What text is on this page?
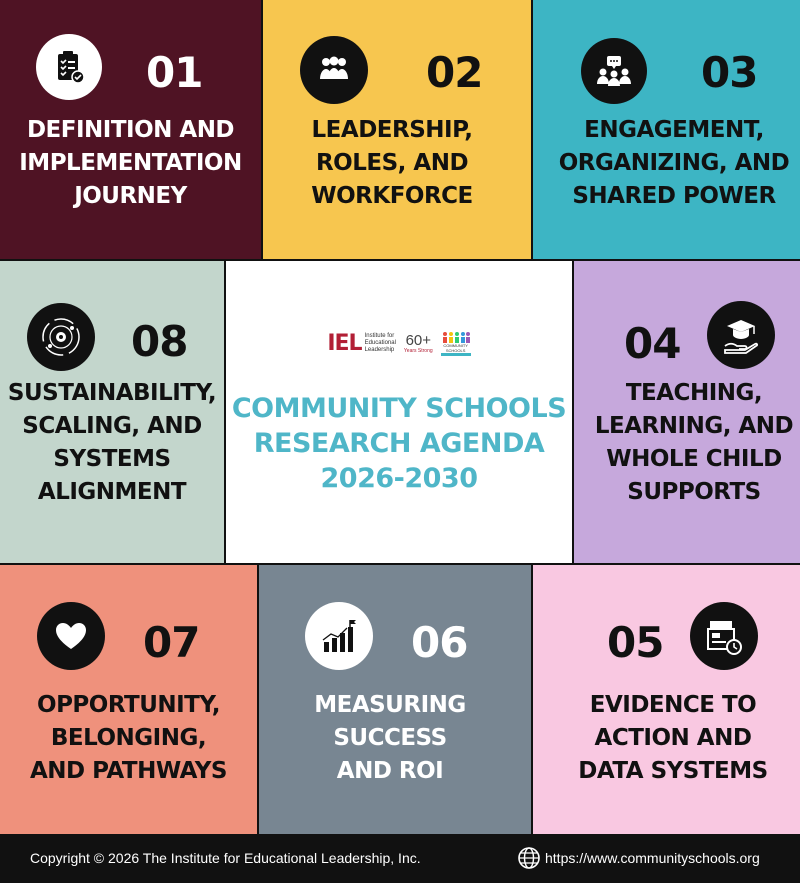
01
DEFINITION AND
IMPLEMENTATION
JOURNEY
02
LEADERSHIP,
ROLES, AND
WORKFORCE
03
ENGAGEMENT,
ORGANIZING, AND
SHARED POWER
08
SUSTAINABILITY,
SCALING, AND
SYSTEMS
ALIGNMENT
IEL Institute for
Educational
Leadership
60+
Years Strong
COMMUNITY
SCHOOLS
COMMUNITY SCHOOLS
RESEARCH AGENDA
2026-2030
04
TEACHING,
LEARNING, AND
WHOLE CHILD
SUPPORTS
07
OPPORTUNITY,
BELONGING,
AND PATHWAYS
06
MEASURING
SUCCESS
AND ROI
05
EVIDENCE TO
ACTION AND
DATA SYSTEMS
Copyright © 2026 The Institute for Educational Leadership, Inc.	https://www.communityschools.org
